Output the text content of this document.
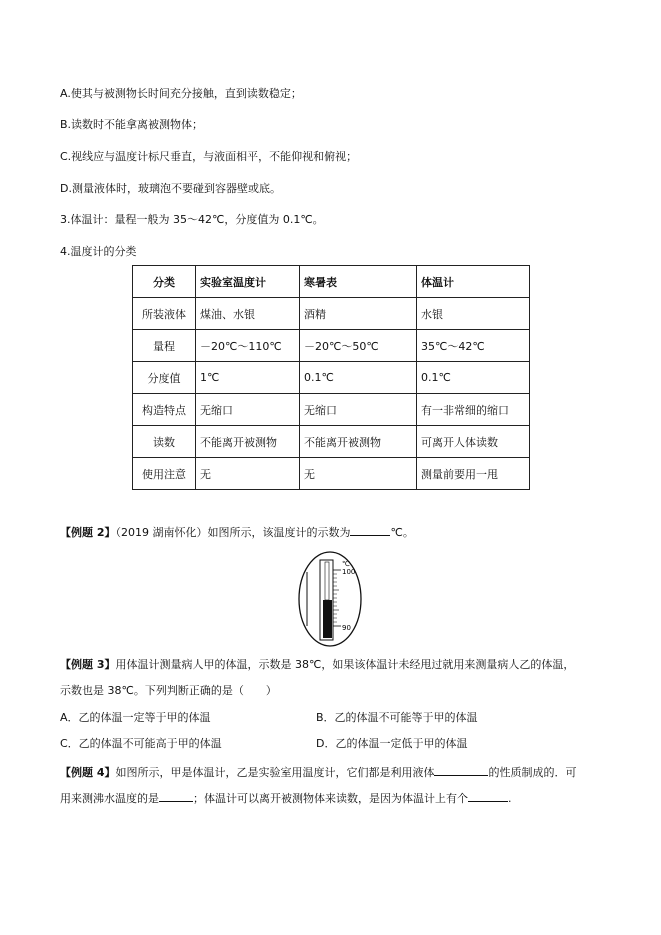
A.使其与被测物长时间充分接触，直到读数稳定；
B.读数时不能拿离被测物体；
C.视线应与温度计标尺垂直，与液面相平，不能仰视和俯视；
D.测量液体时，玻璃泡不要碰到容器壁或底。
3.体温计：量程一般为 35～42℃，分度值为 0.1℃。
4.温度计的分类
分类	实验室温度计	寒暑表	体温计
所装液体	煤油、水银	酒精	水银
量程	－20℃～110℃	－20℃～50℃	35℃～42℃
分度值	1℃	0.1℃	0.1℃
构造特点	无缩口	无缩口	有一非常细的缩口
读数	不能离开被测物	不能离开被测物	可离开人体读数
使用注意	无	无	测量前要用一甩
【例题 2】（2019 湖南怀化）如图所示，该温度计的示数为	℃。
℃
100
90
【例题 3】用体温计测量病人甲的体温，示数是 38℃，如果该体温计未经甩过就用来测量病人乙的体温，
示数也是 38℃。下列判断正确的是（　　）
A．乙的体温一定等于甲的体温	B．乙的体温不可能等于甲的体温
C．乙的体温不可能高于甲的体温	D．乙的体温一定低于甲的体温
【例题 4】如图所示，甲是体温计，乙是实验室用温度计，它们都是利用液体	的性质制成的．可
用来测沸水温度的是	；体温计可以离开被测物体来读数，是因为体温计上有个	.
